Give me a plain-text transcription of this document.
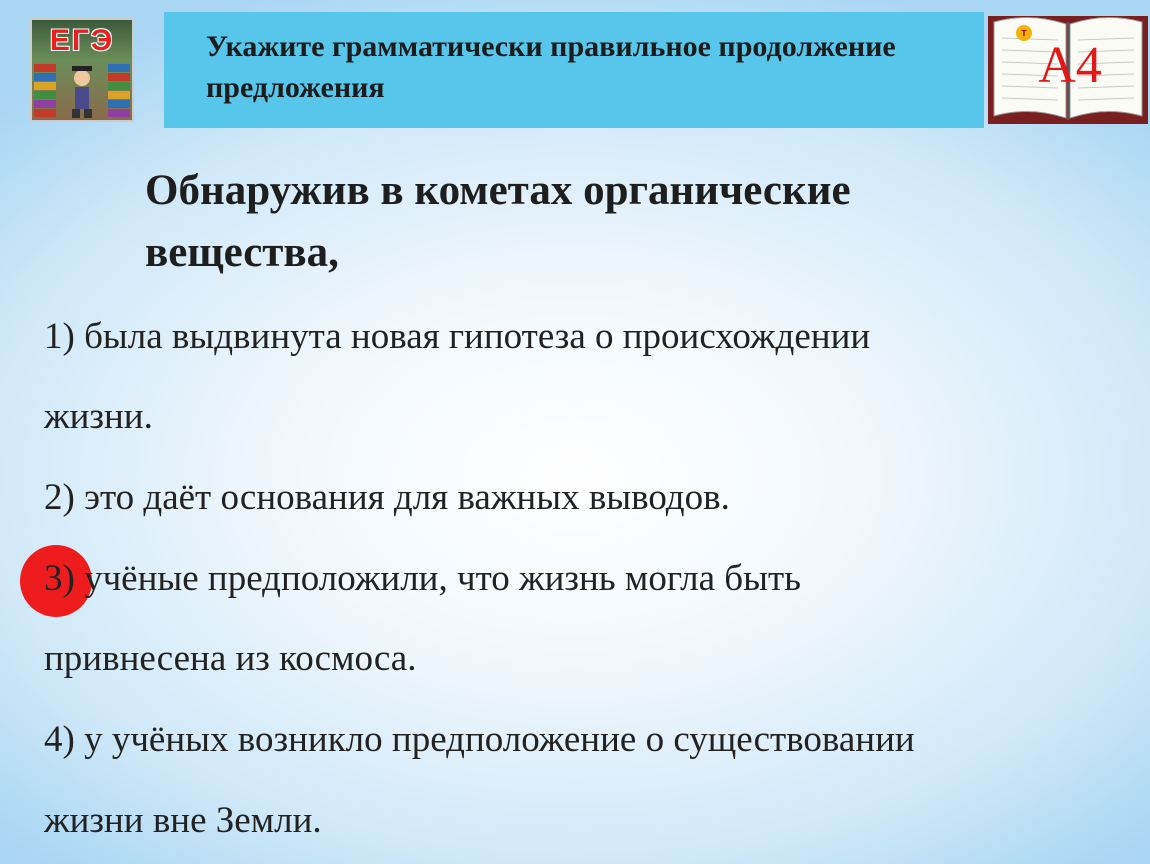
ЕГЭ	Укажите грамматически правильное продолжение предложения
т
А4
Обнаружив в кометах органические вещества,
1) была выдвинута новая гипотеза о происхождении
жизни.
2) это даёт основания для важных выводов.
3) учёные предположили, что жизнь могла быть
привнесена из космоса.
4) у учёных возникло предположение о существовании
жизни вне Земли.
